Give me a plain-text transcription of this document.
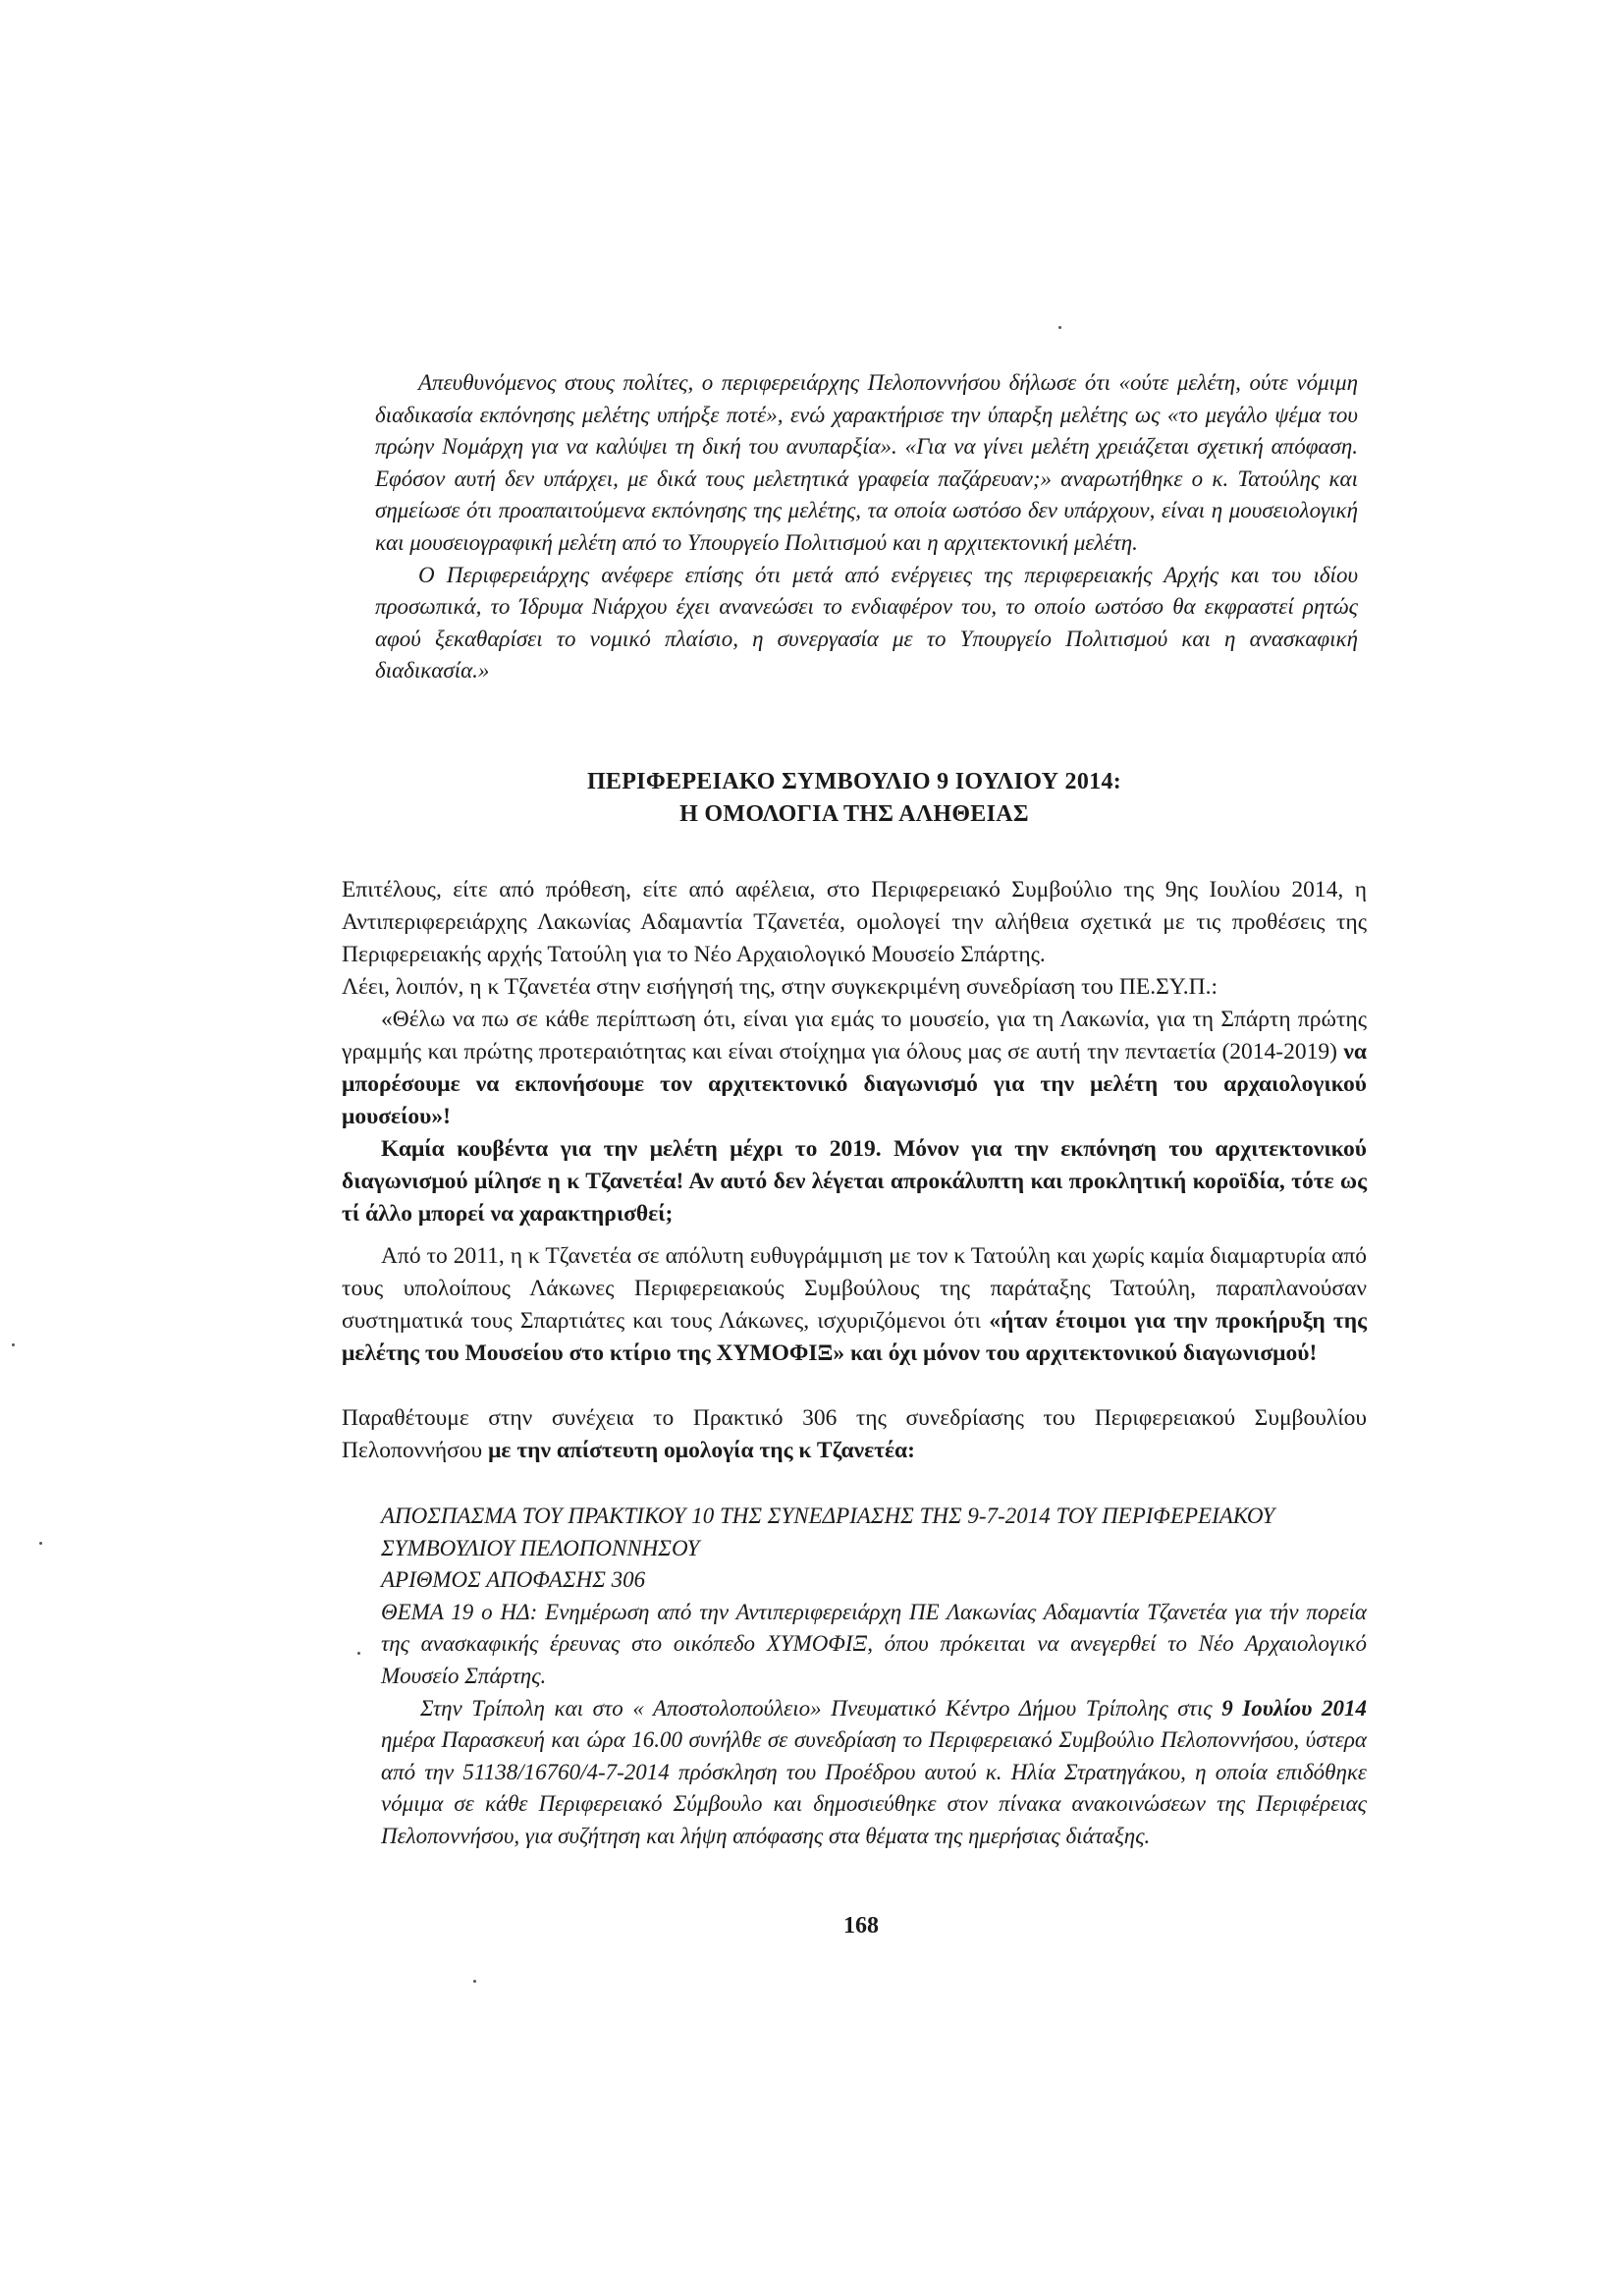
Απευθυνόμενος στους πολίτες, ο περιφερειάρχης Πελοποννήσου δήλωσε ότι «ούτε μελέτη, ούτε νόμιμη διαδικασία εκπόνησης μελέτης υπήρξε ποτέ», ενώ χαρακτήρισε την ύπαρξη μελέτης ως «το μεγάλο ψέμα του πρώην Νομάρχη για να καλύψει τη δική του ανυπαρξία». «Για να γίνει μελέτη χρειάζεται σχετική απόφαση. Εφόσον αυτή δεν υπάρχει, με δικά τους μελετητικά γραφεία παζάρευαν;» αναρωτήθηκε ο κ. Τατούλης και σημείωσε ότι προαπαιτούμενα εκπόνησης της μελέτης, τα οποία ωστόσο δεν υπάρχουν, είναι η μουσειολογική και μουσειογραφική μελέτη από το Υπουργείο Πολιτισμού και η αρχιτεκτονική μελέτη.

Ο Περιφερειάρχης ανέφερε επίσης ότι μετά από ενέργειες της περιφερειακής Αρχής και του ιδίου προσωπικά, το Ίδρυμα Νιάρχου έχει ανανεώσει το ενδιαφέρον του, το οποίο ωστόσο θα εκφραστεί ρητώς αφού ξεκαθαρίσει το νομικό πλαίσιο, η συνεργασία με το Υπουργείο Πολιτισμού και η ανασκαφική διαδικασία.»

ΠΕΡΙΦΕΡΕΙΑΚΟ ΣΥΜΒΟΥΛΙΟ 9 ΙΟΥΛΙΟΥ 2014:
Η ΟΜΟΛΟΓΙΑ ΤΗΣ ΑΛΗΘΕΙΑΣ

Επιτέλους, είτε από πρόθεση, είτε από αφέλεια, στο Περιφερειακό Συμβούλιο της 9ης Ιουλίου 2014, η Αντιπεριφερειάρχης Λακωνίας Αδαμαντία Τζανετέα, ομολογεί την αλήθεια σχετικά με τις προθέσεις της Περιφερειακής αρχής Τατούλη για το Νέο Αρχαιολογικό Μουσείο Σπάρτης.

Λέει, λοιπόν, η κ Τζανετέα στην εισήγησή της, στην συγκεκριμένη συνεδρίαση του ΠΕ.ΣΥ.Π.:

«Θέλω να πω σε κάθε περίπτωση ότι, είναι για εμάς το μουσείο, για τη Λακωνία, για τη Σπάρτη πρώτης γραμμής και πρώτης προτεραιότητας και είναι στοίχημα για όλους μας σε αυτή την πενταετία (2014-2019) να μπορέσουμε να εκπονήσουμε τον αρχιτεκτονικό διαγωνισμό για την μελέτη του αρχαιολογικού μουσείου»!

Καμία κουβέντα για την μελέτη μέχρι το 2019. Μόνον για την εκπόνηση του αρχιτεκτονικού διαγωνισμού μίλησε η κ Τζανετέα! Αν αυτό δεν λέγεται απροκάλυπτη και προκλητική κοροϊδία, τότε ως τί άλλο μπορεί να χαρακτηρισθεί;

Από το 2011, η κ Τζανετέα σε απόλυτη ευθυγράμμιση με τον κ Τατούλη και χωρίς καμία διαμαρτυρία από τους υπολοίπους Λάκωνες Περιφερειακούς Συμβούλους της παράταξης Τατούλη, παραπλανούσαν συστηματικά τους Σπαρτιάτες και τους Λάκωνες, ισχυριζόμενοι ότι «ήταν έτοιμοι για την προκήρυξη της μελέτης του Μουσείου στο κτίριο της ΧΥΜΟΦΙΞ» και όχι μόνον του αρχιτεκτονικού διαγωνισμού!

Παραθέτουμε στην συνέχεια το Πρακτικό 306 της συνεδρίασης του Περιφερειακού Συμβουλίου Πελοποννήσου με την απίστευτη ομολογία της κ Τζανετέα:

ΑΠΟΣΠΑΣΜΑ ΤΟΥ ΠΡΑΚΤΙΚΟΥ 10 ΤΗΣ ΣΥΝΕΔΡΙΑΣΗΣ ΤΗΣ 9-7-2014 ΤΟΥ ΠΕΡΙΦΕΡΕΙΑΚΟΥ

ΣΥΜΒΟΥΛΙΟΥ ΠΕΛΟΠΟΝΝΗΣΟΥ

ΑΡΙΘΜΟΣ ΑΠΟΦΑΣΗΣ 306

ΘΕΜΑ 19 ο ΗΔ: Ενημέρωση από την Αντιπεριφερειάρχη ΠΕ Λακωνίας Αδαμαντία Τζανετέα για τήν πορεία της ανασκαφικής έρευνας στο οικόπεδο ΧΥΜΟΦΙΞ, όπου πρόκειται να ανεγερθεί το Νέο Αρχαιολογικό Μουσείο Σπάρτης.

Στην Τρίπολη και στο « Αποστολοπούλειο» Πνευματικό Κέντρο Δήμου Τρίπολης στις 9 Ιουλίου 2014 ημέρα Παρασκευή και ώρα 16.00 συνήλθε σε συνεδρίαση το Περιφερειακό Συμβούλιο Πελοποννήσου, ύστερα από την 51138/16760/4-7-2014 πρόσκληση του Προέδρου αυτού κ. Ηλία Στρατηγάκου, η οποία επιδόθηκε νόμιμα σε κάθε Περιφερειακό Σύμβουλο και δημοσιεύθηκε στον πίνακα ανακοινώσεων της Περιφέρειας Πελοποννήσου, για συζήτηση και λήψη απόφασης στα θέματα της ημερήσιας διάταξης.

168
